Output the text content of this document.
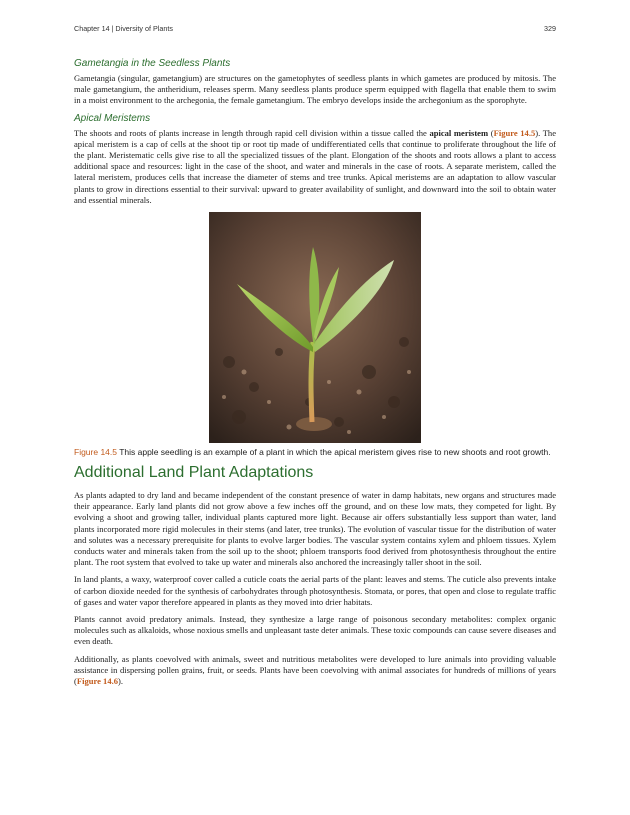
Chapter 14 | Diversity of Plants	329
Gametangia in the Seedless Plants

Gametangia (singular, gametangium) are structures on the gametophytes of seedless plants in which gametes are produced by mitosis. The male gametangium, the antheridium, releases sperm. Many seedless plants produce sperm equipped with flagella that enable them to swim in a moist environment to the archegonia, the female gametangium. The embryo develops inside the archegonium as the sporophyte.

Apical Meristems

The shoots and roots of plants increase in length through rapid cell division within a tissue called the apical meristem (Figure 14.5). The apical meristem is a cap of cells at the shoot tip or root tip made of undifferentiated cells that continue to proliferate throughout the life of the plant. Meristematic cells give rise to all the specialized tissues of the plant. Elongation of the shoots and roots allows a plant to access additional space and resources: light in the case of the shoot, and water and minerals in the case of roots. A separate meristem, called the lateral meristem, produces cells that increase the diameter of stems and tree trunks. Apical meristems are an adaptation to allow vascular plants to grow in directions essential to their survival: upward to greater availability of sunlight, and downward into the soil to obtain water and essential minerals.

Figure 14.5 This apple seedling is an example of a plant in which the apical meristem gives rise to new shoots and root growth.

Additional Land Plant Adaptations

As plants adapted to dry land and became independent of the constant presence of water in damp habitats, new organs and structures made their appearance. Early land plants did not grow above a few inches off the ground, and on these low mats, they competed for light. By evolving a shoot and growing taller, individual plants captured more light. Because air offers substantially less support than water, land plants incorporated more rigid molecules in their stems (and later, tree trunks). The evolution of vascular tissue for the distribution of water and solutes was a necessary prerequisite for plants to evolve larger bodies. The vascular system contains xylem and phloem tissues. Xylem conducts water and minerals taken from the soil up to the shoot; phloem transports food derived from photosynthesis throughout the entire plant. The root system that evolved to take up water and minerals also anchored the increasingly taller shoot in the soil.

In land plants, a waxy, waterproof cover called a cuticle coats the aerial parts of the plant: leaves and stems. The cuticle also prevents intake of carbon dioxide needed for the synthesis of carbohydrates through photosynthesis. Stomata, or pores, that open and close to regulate traffic of gases and water vapor therefore appeared in plants as they moved into drier habitats.

Plants cannot avoid predatory animals. Instead, they synthesize a large range of poisonous secondary metabolites: complex organic molecules such as alkaloids, whose noxious smells and unpleasant taste deter animals. These toxic compounds can cause severe diseases and even death.

Additionally, as plants coevolved with animals, sweet and nutritious metabolites were developed to lure animals into providing valuable assistance in dispersing pollen grains, fruit, or seeds. Plants have been coevolving with animal associates for hundreds of millions of years (Figure 14.6).
